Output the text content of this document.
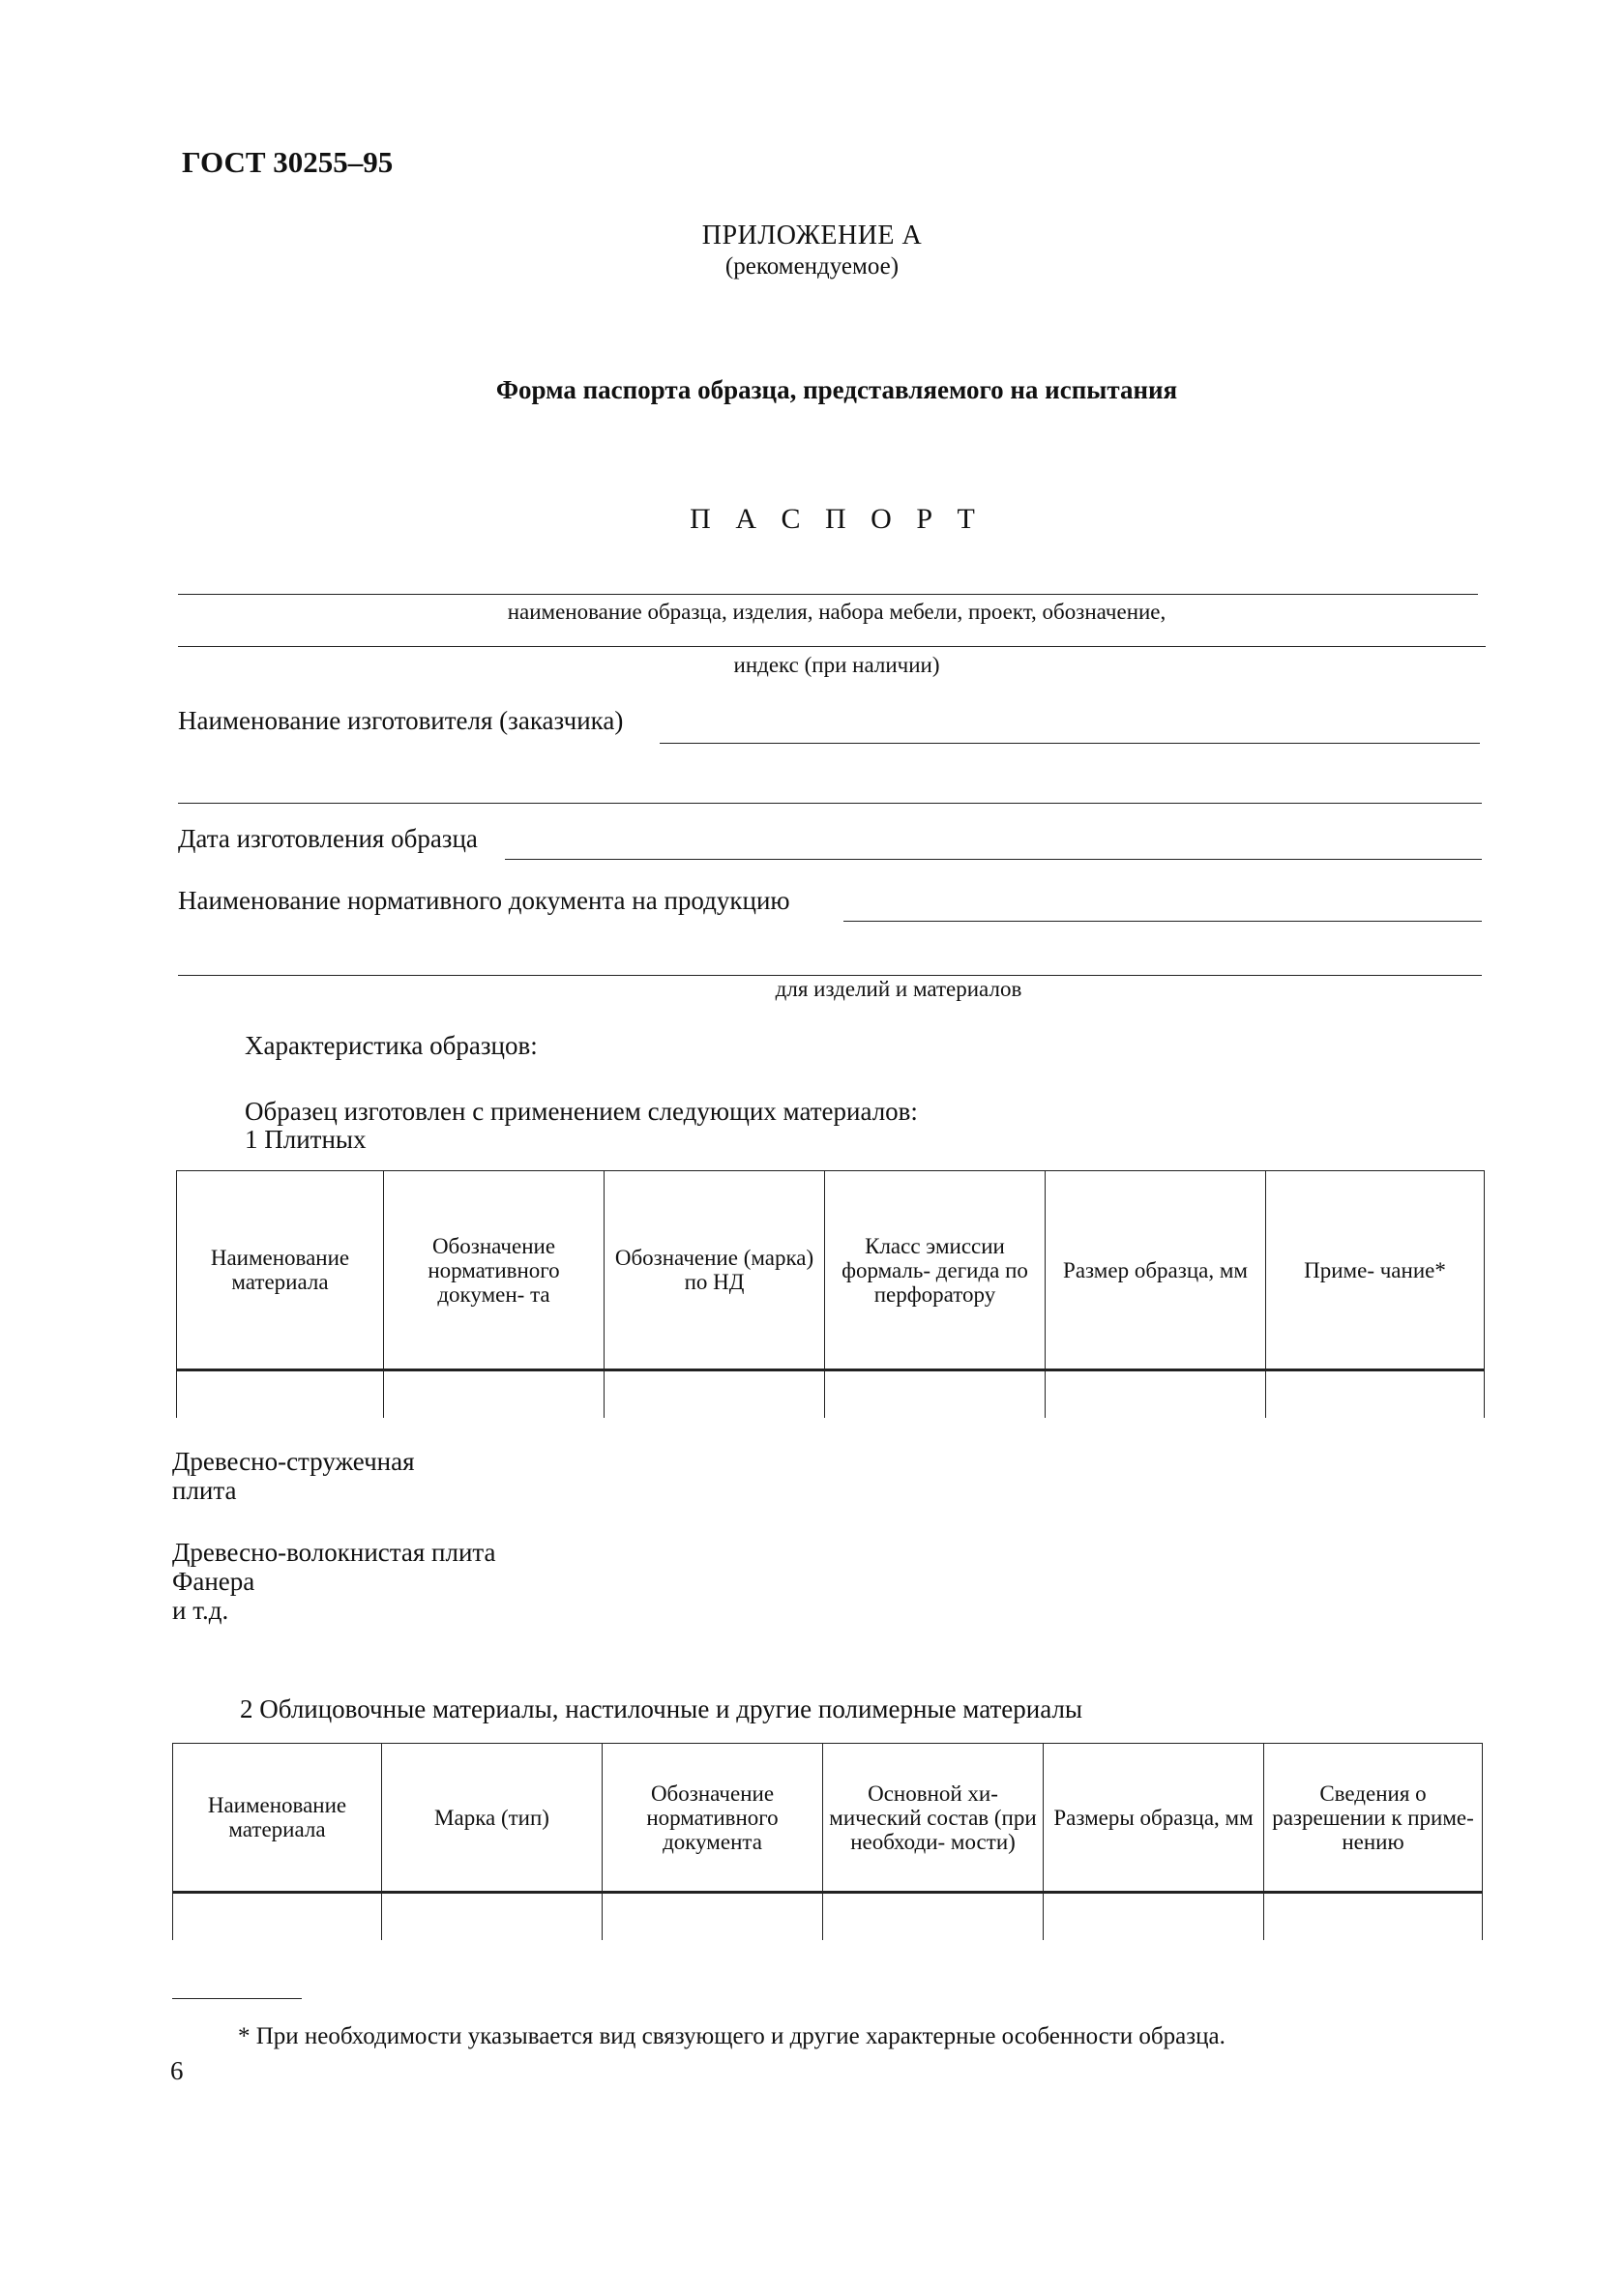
ГОСТ 30255–95
ПРИЛОЖЕНИЕ А
(рекомендуемое)
Форма паспорта образца, представляемого на испытания
П А С П О Р Т
наименование образца, изделия, набора мебели, проект, обозначение,
индекс (при наличии)
Наименование изготовителя (заказчика)
Дата изготовления образца
Наименование нормативного документа на продукцию
для изделий и материалов
Характеристика образцов:
Образец изготовлен с применением следующих материалов:
1 Плитных
Наименование материала	Обозначение нормативного докумен- та	Обозначение (марка) по НД	Класс эмиссии формаль- дегида по перфоратору	Размер образца, мм	Приме- чание*

Древесно-стружечная
плита
Древесно-волокнистая плита
Фанера
и т.д.
2 Облицовочные материалы, настилочные и другие полимерные материалы
Наименование материала	Марка (тип)	Обозначение нормативного документа	Основной хи- мический состав (при необходи- мости)	Размеры образца, мм	Сведения о разрешении к приме- нению

* При необходимости указывается вид связующего и другие характерные особенности образца.
6
